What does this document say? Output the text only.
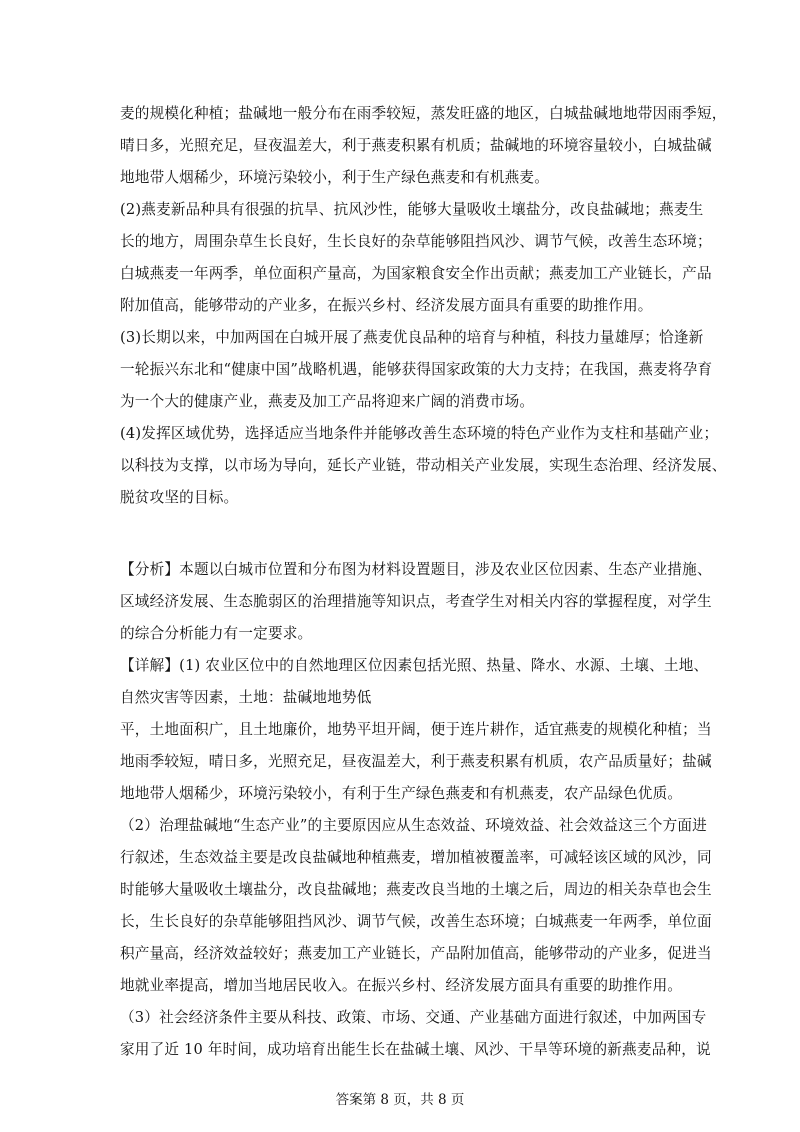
麦的规模化种植；盐碱地一般分布在雨季较短，蒸发旺盛的地区，白城盐碱地地带因雨季短，
晴日多，光照充足，昼夜温差大，利于燕麦积累有机质；盐碱地的环境容量较小，白城盐碱
地地带人烟稀少，环境污染较小，利于生产绿色燕麦和有机燕麦。
(2)燕麦新品种具有很强的抗旱、抗风沙性，能够大量吸收土壤盐分，改良盐碱地；燕麦生
长的地方，周围杂草生长良好，生长良好的杂草能够阻挡风沙、调节气候，改善生态环境；
白城燕麦一年两季，单位面积产量高，为国家粮食安全作出贡献；燕麦加工产业链长，产品
附加值高，能够带动的产业多，在振兴乡村、经济发展方面具有重要的助推作用。
(3)长期以来，中加两国在白城开展了燕麦优良品种的培育与种植，科技力量雄厚；恰逢新
一轮振兴东北和“健康中国”战略机遇，能够获得国家政策的大力支持；在我国，燕麦将孕育
为一个大的健康产业，燕麦及加工产品将迎来广阔的消费市场。
(4)发挥区域优势，选择适应当地条件并能够改善生态环境的特色产业作为支柱和基础产业；
以科技为支撑，以市场为导向，延长产业链，带动相关产业发展，实现生态治理、经济发展、
脱贫攻坚的目标。
【分析】本题以白城市位置和分布图为材料设置题目，涉及农业区位因素、生态产业措施、
区域经济发展、生态脆弱区的治理措施等知识点，考查学生对相关内容的掌握程度，对学生
的综合分析能力有一定要求。
【详解】(1) 农业区位中的自然地理区位因素包括光照、热量、降水、水源、土壤、土地、
自然灾害等因素，土地：盐碱地地势低
平，土地面积广，且土地廉价，地势平坦开阔，便于连片耕作，适宜燕麦的规模化种植；当
地雨季较短，晴日多，光照充足，昼夜温差大，利于燕麦积累有机质，农产品质量好；盐碱
地地带人烟稀少，环境污染较小，有利于生产绿色燕麦和有机燕麦，农产品绿色优质。
（2）治理盐碱地“生态产业”的主要原因应从生态效益、环境效益、社会效益这三个方面进
行叙述，生态效益主要是改良盐碱地种植燕麦，增加植被覆盖率，可减轻该区域的风沙，同
时能够大量吸收土壤盐分，改良盐碱地；燕麦改良当地的土壤之后，周边的相关杂草也会生
长，生长良好的杂草能够阻挡风沙、调节气候，改善生态环境；白城燕麦一年两季，单位面
积产量高，经济效益较好；燕麦加工产业链长，产品附加值高，能够带动的产业多，促进当
地就业率提高，增加当地居民收入。在振兴乡村、经济发展方面具有重要的助推作用。
（3）社会经济条件主要从科技、政策、市场、交通、产业基础方面进行叙述，中加两国专
家用了近 10 年时间，成功培育出能生长在盐碱土壤、风沙、干旱等环境的新燕麦品种，说
答案第 8 页，共 8 页
